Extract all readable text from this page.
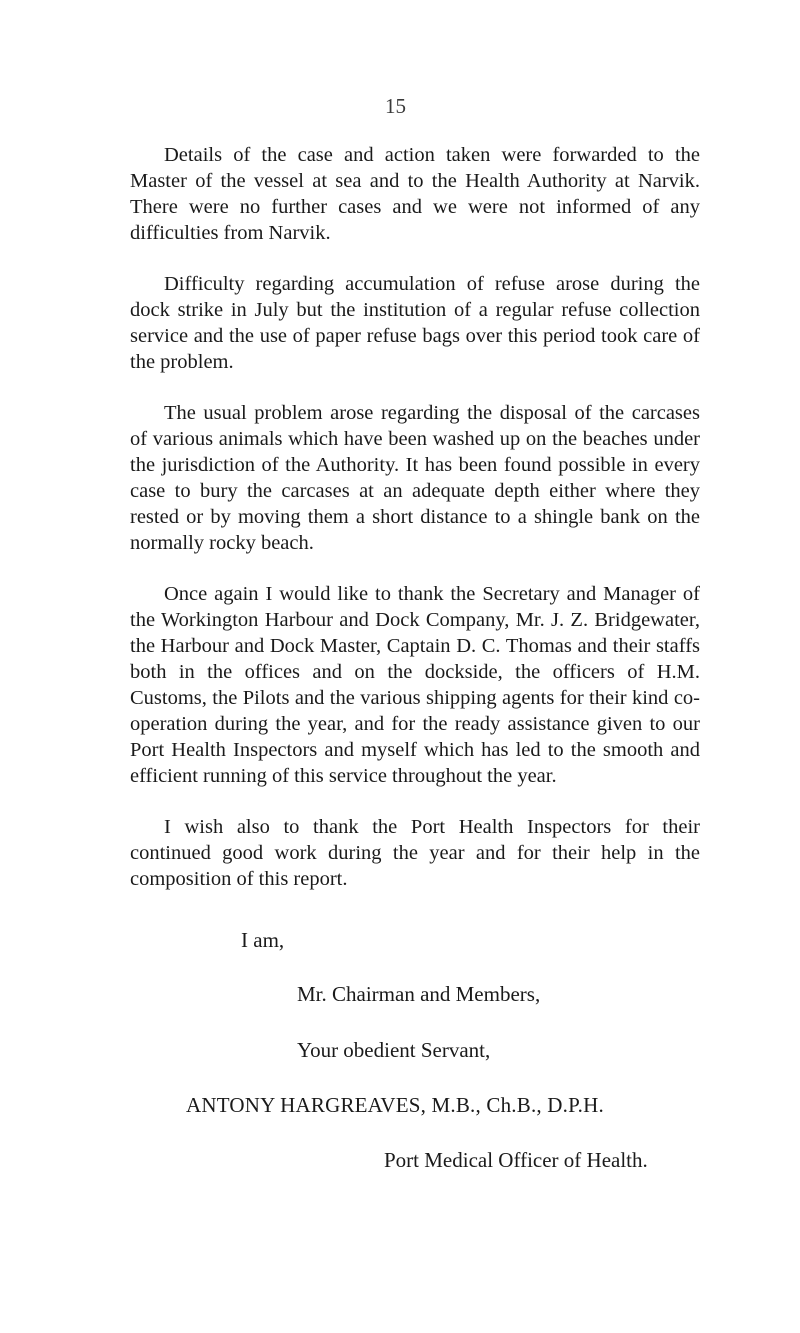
15

Details of the case and action taken were forwarded to the Master of the vessel at sea and to the Health Authority at Narvik. There were no further cases and we were not informed of any difficulties from Narvik.

Difficulty regarding accumulation of refuse arose during the dock strike in July but the institution of a regular refuse collection service and the use of paper refuse bags over this period took care of the problem.

The usual problem arose regarding the disposal of the carcases of various animals which have been washed up on the beaches under the jurisdiction of the Authority. It has been found possible in every case to bury the carcases at an adequate depth either where they rested or by moving them a short distance to a shingle bank on the normally rocky beach.

Once again I would like to thank the Secretary and Manager of the Workington Harbour and Dock Company, Mr. J. Z. Bridgewater, the Harbour and Dock Master, Captain D. C. Thomas and their staffs both in the offices and on the dockside, the officers of H.M. Customs, the Pilots and the various shipping agents for their kind co-operation during the year, and for the ready assistance given to our Port Health Inspectors and myself which has led to the smooth and efficient running of this service throughout the year.

I wish also to thank the Port Health Inspectors for their continued good work during the year and for their help in the composition of this report.

I am,
Mr. Chairman and Members,
Your obedient Servant,
ANTONY HARGREAVES, M.B., Ch.B., D.P.H.
Port Medical Officer of Health.
